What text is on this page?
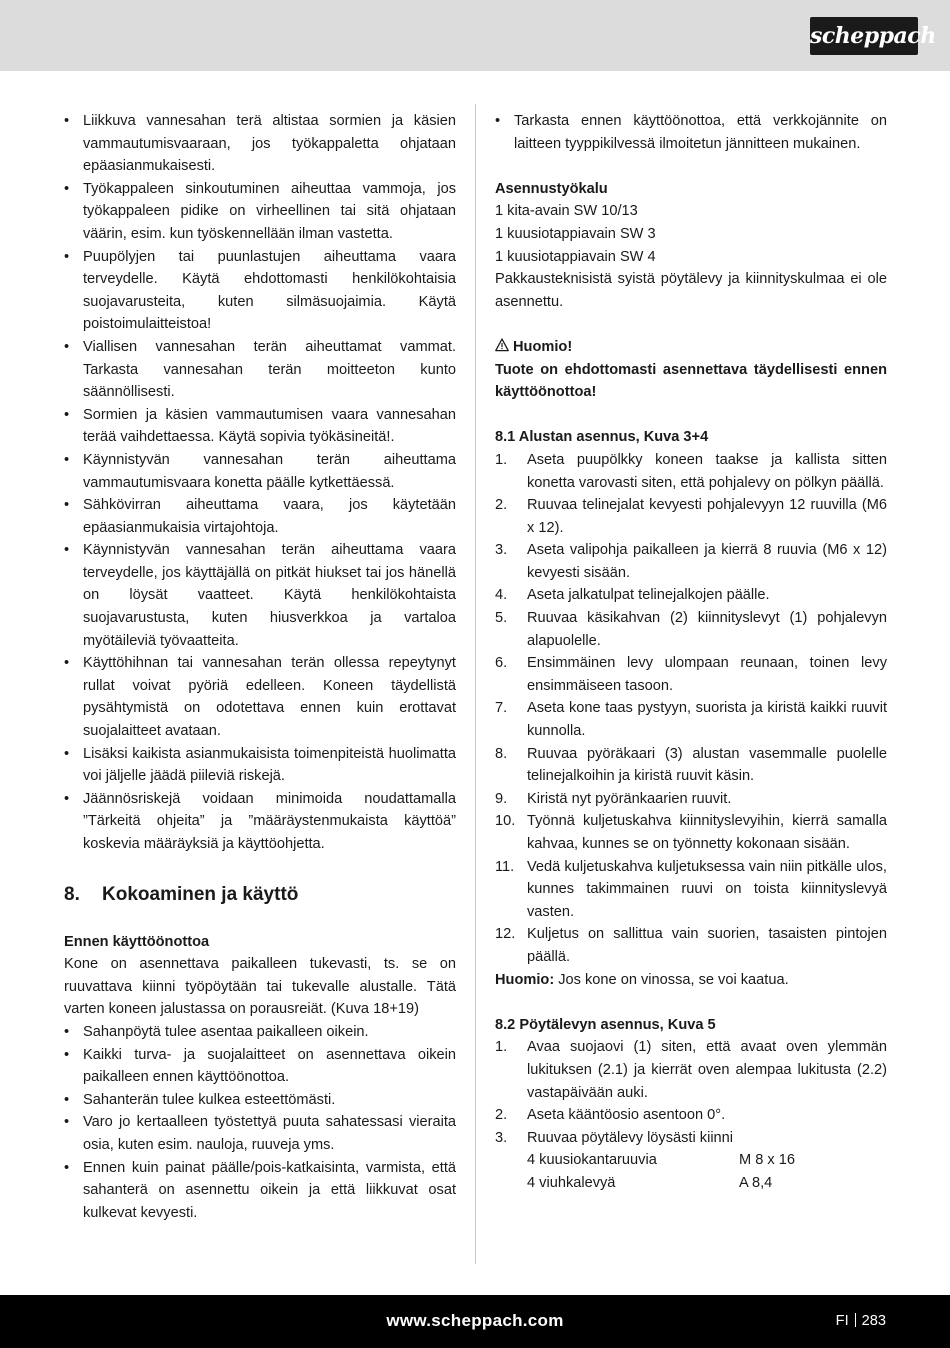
scheppach
• Liikkuva vannesahan terä altistaa sormien ja käsien vammautumisvaaraan, jos työkappaletta ohjataan epäasianmukaisesti.
• Työkappaleen sinkoutuminen aiheuttaa vammoja, jos työkappaleen pidike on virheellinen tai sitä ohjataan väärin, esim. kun työskennellään ilman vastetta.
• Puupölyjen tai puunlastujen aiheuttama vaara terveydelle. Käytä ehdottomasti henkilökohtaisia suojavarusteita, kuten silmäsuojaimia. Käytä poistoimulaitteistoa!
• Viallisen vannesahan terän aiheuttamat vammat. Tarkasta vannesahan terän moitteeton kunto säännöllisesti.
• Sormien ja käsien vammautumisen vaara vannesahan terää vaihdettaessa. Käytä sopivia työkäsineitä!.
• Käynnistyvän vannesahan terän aiheuttama vammautumisvaara konetta päälle kytkettäessä.
• Sähkövirran aiheuttama vaara, jos käytetään epäasianmukaisia virtajohtoja.
• Käynnistyvän vannesahan terän aiheuttama vaara terveydelle, jos käyttäjällä on pitkät hiukset tai jos hänellä on löysät vaatteet. Käytä henkilökohtaista suojavarustusta, kuten hiusverkkoa ja vartaloa myötäileviä työvaatteita.
• Käyttöhihnan tai vannesahan terän ollessa repeytynyt rullat voivat pyöriä edelleen. Koneen täydellistä pysähtymistä on odotettava ennen kuin erottavat suojalaitteet avataan.
• Lisäksi kaikista asianmukaisista toimenpiteistä huolimatta voi jäljelle jäädä piileviä riskejä.
• Jäännösriskejä voidaan minimoida noudattamalla ”Tärkeitä ohjeita” ja ”määräystenmukaista käyttöä” koskevia määräyksiä ja käyttöohjetta.
8. Kokoaminen ja käyttö
Ennen käyttöönottoa
Kone on asennettava paikalleen tukevasti, ts. se on ruuvattava kiinni työpöytään tai tukevalle alustalle. Tätä varten koneen jalustassa on porausreiät. (Kuva 18+19)
• Sahanpöytä tulee asentaa paikalleen oikein.
• Kaikki turva- ja suojalaitteet on asennettava oikein paikalleen ennen käyttöönottoa.
• Sahanterän tulee kulkea esteettömästi.
• Varo jo kertaalleen työstettyä puuta sahatessasi vieraita osia, kuten esim. nauloja, ruuveja yms.
• Ennen kuin painat päälle/pois-katkaisinta, varmista, että sahanterä on asennettu oikein ja että liikkuvat osat kulkevat kevyesti.
• Tarkasta ennen käyttöönottoa, että verkkojännite on laitteen tyyppikilvessä ilmoitetun jännitteen mukainen.
Asennustyökalu
1 kita-avain SW 10/13
1 kuusiotappiavain SW 3
1 kuusiotappiavain SW 4
Pakkausteknisistä syistä pöytälevy ja kiinnityskulmaa ei ole asennettu.
Huomio!
Tuote on ehdottomasti asennettava täydellisesti ennen käyttöönottoa!
8.1 Alustan asennus, Kuva 3+4
1. Aseta puupölkky koneen taakse ja kallista sitten konetta varovasti siten, että pohjalevy on pölkyn päällä.
2. Ruuvaa telinejalat kevyesti pohjalevyyn 12 ruuvilla (M6 x 12).
3. Aseta valipohja paikalleen ja kierrä 8 ruuvia (M6 x 12) kevyesti sisään.
4. Aseta jalkatulpat telinejalkojen päälle.
5. Ruuvaa käsikahvan (2) kiinnityslevyt (1) pohjalevyn alapuolelle.
6. Ensimmäinen levy ulompaan reunaan, toinen levy ensimmäiseen tasoon.
7. Aseta kone taas pystyyn, suorista ja kiristä kaikki ruuvit kunnolla.
8. Ruuvaa pyöräkaari (3) alustan vasemmalle puolelle telinejalkoihin ja kiristä ruuvit käsin.
9. Kiristä nyt pyöränkaarien ruuvit.
10. Työnnä kuljetuskahva kiinnityslevyihin, kierrä samalla kahvaa, kunnes se on työnnetty kokonaan sisään.
11. Vedä kuljetuskahva kuljetuksessa vain niin pitkälle ulos, kunnes takimmainen ruuvi on toista kiinnityslevyä vasten.
12. Kuljetus on sallittua vain suorien, tasaisten pintojen päällä.
Huomio: Jos kone on vinossa, se voi kaatua.
8.2 Pöytälevyn asennus, Kuva 5
1. Avaa suojaovi (1) siten, että avaat oven ylemmän lukituksen (2.1) ja kierrät oven alempaa lukitusta (2.2) vastapäivään auki.
2. Aseta kääntöosio asentoon 0°.
3. Ruuvaa pöytälevy löysästi kiinni
4 kuusiokantaruuvia	M 8 x 16
4 viuhkalevyä	A 8,4
www.scheppach.com	FI 283
